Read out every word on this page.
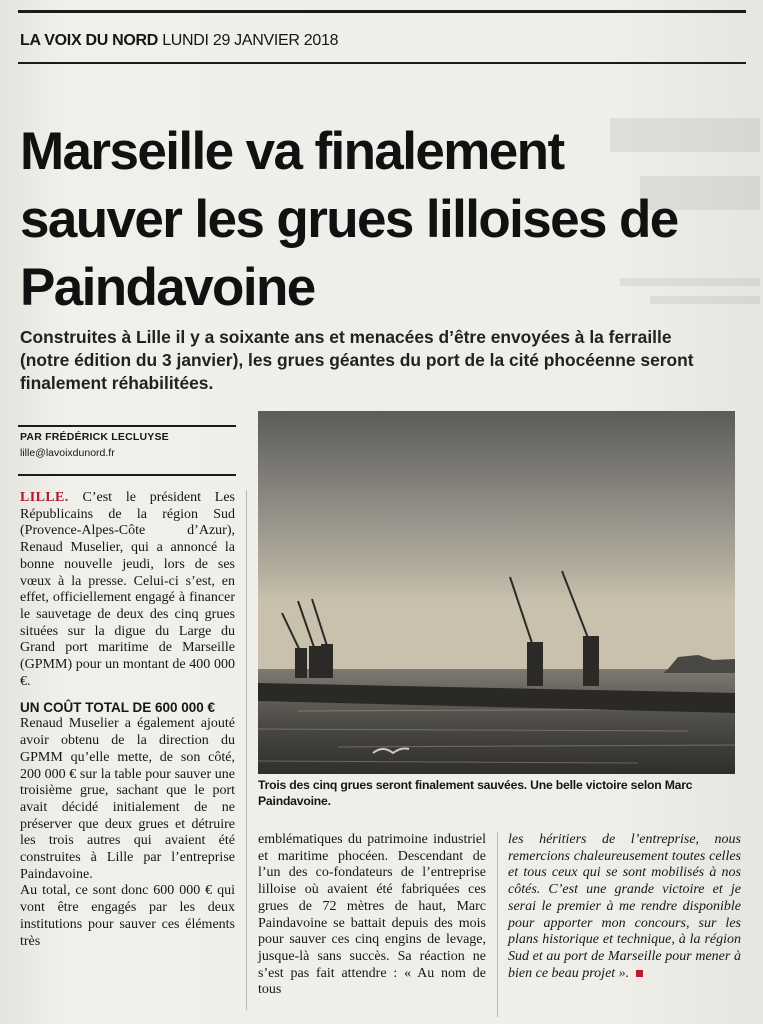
LA VOIX DU NORD LUNDI 29 JANVIER 2018
Marseille va finalement sauver les grues lilloises de Paindavoine

Construites à Lille il y a soixante ans et menacées d’être envoyées à la ferraille (notre édition du 3 janvier), les grues géantes du port de la cité phocéenne seront finalement réhabilitées.

PAR FRÉDÉRICK LECLUYSE
lille@lavoixdunord.fr

LILLE. C’est le président Les Républicains de la région Sud (Provence-Alpes-Côte d’Azur), Renaud Muselier, qui a annoncé la bonne nouvelle jeudi, lors de ses vœux à la presse. Celui-ci s’est, en effet, officiellement engagé à financer le sauvetage de deux des cinq grues situées sur la digue du Large du Grand port maritime de Marseille (GPMM) pour un montant de 400 000 €.

UN COÛT TOTAL DE 600 000 €

Renaud Muselier a également ajouté avoir obtenu de la direction du GPMM qu’elle mette, de son côté, 200 000 € sur la table pour sauver une troisième grue, sachant que le port avait décidé initialement de ne préserver que deux grues et détruire les trois autres qui avaient été construites à Lille par l’entreprise Paindavoine.

Au total, ce sont donc 600 000 € qui vont être engagés par les deux institutions pour sauver ces éléments très

Trois des cinq grues seront finalement sauvées. Une belle victoire selon Marc Paindavoine.

emblématiques du patrimoine industriel et maritime phocéen. Descendant de l’un des co-fondateurs de l’entreprise lilloise où avaient été fabriquées ces grues de 72 mètres de haut, Marc Paindavoine se battait depuis des mois pour sauver ces cinq engins de levage, jusque-là sans succès. Sa réaction ne s’est pas fait attendre : « Au nom de tous

les héritiers de l’entreprise, nous remercions chaleureusement toutes celles et tous ceux qui se sont mobilisés à nos côtés. C’est une grande victoire et je serai le premier à me rendre disponible pour apporter mon concours, sur les plans historique et technique, à la région Sud et au port de Marseille pour mener à bien ce beau projet ».
